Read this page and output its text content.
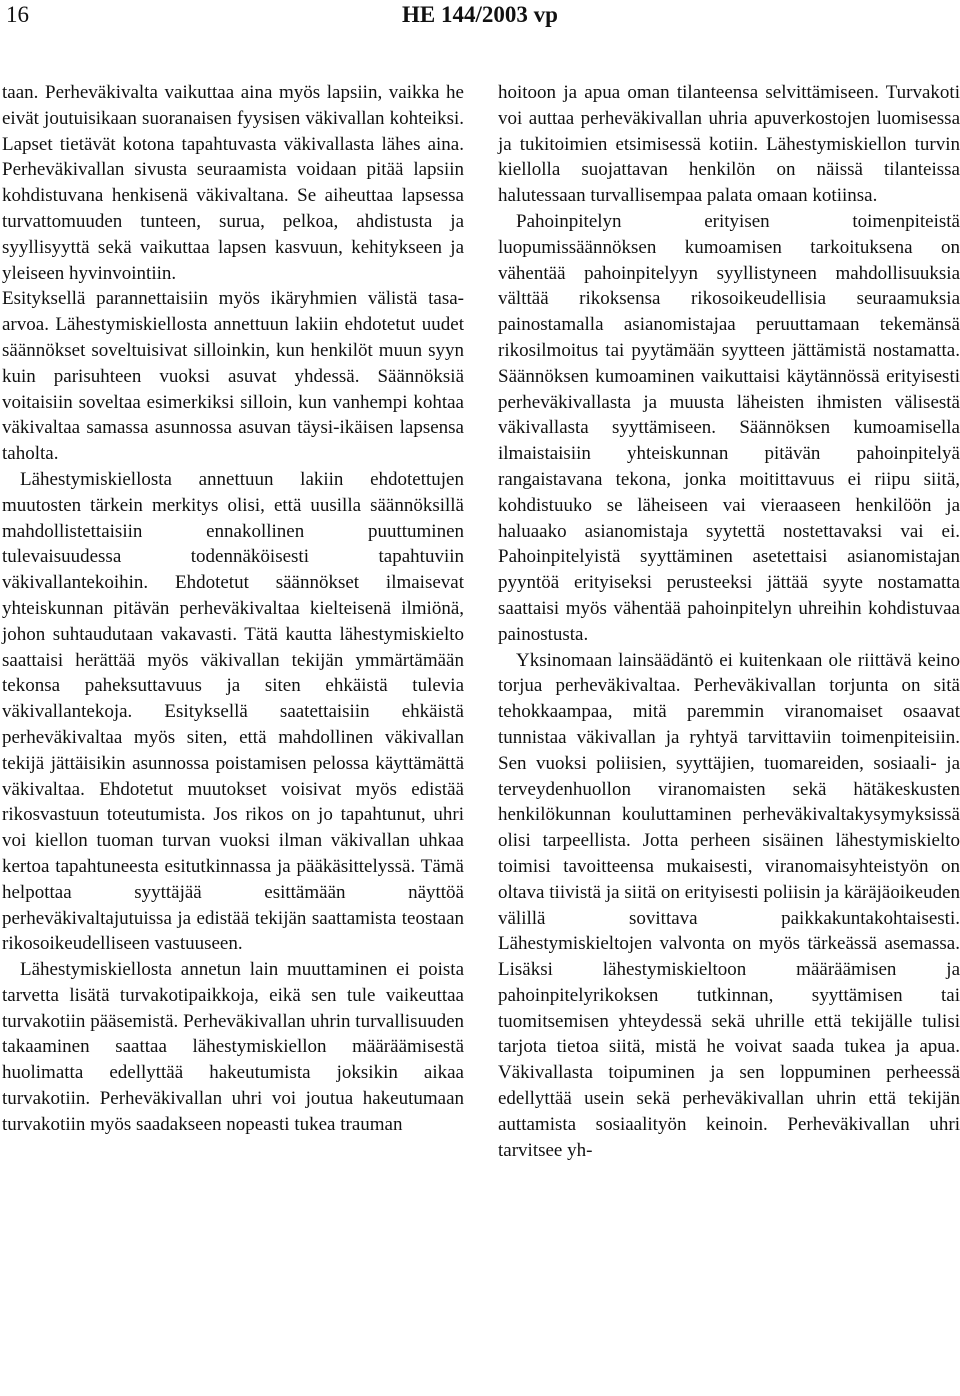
16	HE 144/2003 vp

taan. Perheväkivalta vaikuttaa aina myös lapsiin, vaikka he eivät joutuisikaan suoranaisen fyysisen väkivallan kohteiksi. Lapset tietävät kotona tapahtuvasta väkivallasta lähes aina. Perheväkivallan sivusta seuraamista voidaan pitää lapsiin kohdistuvana henkisenä väkivaltana. Se aiheuttaa lapsessa turvattomuuden tunteen, surua, pelkoa, ahdistusta ja syyllisyyttä sekä vaikuttaa lapsen kasvuun, kehitykseen ja yleiseen hyvinvointiin.

Esityksellä parannettaisiin myös ikäryhmien välistä tasa-arvoa. Lähestymiskiellosta annettuun lakiin ehdotetut uudet säännökset soveltuisivat silloinkin, kun henkilöt muun syyn kuin parisuhteen vuoksi asuvat yhdessä. Säännöksiä voitaisiin soveltaa esimerkiksi silloin, kun vanhempi kohtaa väkivaltaa samassa asunnossa asuvan täysi-ikäisen lapsensa taholta.

Lähestymiskiellosta annettuun lakiin ehdotettujen muutosten tärkein merkitys olisi, että uusilla säännöksillä mahdollistettaisiin ennakollinen puuttuminen tulevaisuudessa todennäköisesti tapahtuviin väkivallantekoihin. Ehdotetut säännökset ilmaisevat yhteiskunnan pitävän perheväkivaltaa kielteisenä ilmiönä, johon suhtaudutaan vakavasti. Tätä kautta lähestymiskielto saattaisi herättää myös väkivallan tekijän ymmärtämään tekonsa paheksuttavuus ja siten ehkäistä tulevia väkivallantekoja. Esityksellä saatettaisiin ehkäistä perheväkivaltaa myös siten, että mahdollinen väkivallan tekijä jättäisikin asunnossa poistamisen pelossa käyttämättä väkivaltaa. Ehdotetut muutokset voisivat myös edistää rikosvastuun toteutumista. Jos rikos on jo tapahtunut, uhri voi kiellon tuoman turvan vuoksi ilman väkivallan uhkaa kertoa tapahtuneesta esitutkinnassa ja pääkäsittelyssä. Tämä helpottaa syyttäjää esittämään näyttöä perheväkivaltajutuissa ja edistää tekijän saattamista teostaan rikosoikeudelliseen vastuuseen.

Lähestymiskiellosta annetun lain muuttaminen ei poista tarvetta lisätä turvakotipaikkoja, eikä sen tule vaikeuttaa turvakotiin pääsemistä. Perheväkivallan uhrin turvallisuuden takaaminen saattaa lähestymiskiellon määräämisestä huolimatta edellyttää hakeutumista joksikin aikaa turvakotiin. Perheväkivallan uhri voi joutua hakeutumaan turvakotiin myös saadakseen nopeasti tukea trauman

hoitoon ja apua oman tilanteensa selvittämiseen. Turvakoti voi auttaa perheväkivallan uhria apuverkostojen luomisessa ja tukitoimien etsimisessä kotiin. Lähestymiskiellon turvin kiellolla suojattavan henkilön on näissä tilanteissa halutessaan turvallisempaa palata omaan kotiinsa.

Pahoinpitelyn erityisen toimenpiteistä luopumissäännöksen kumoamisen tarkoituksena on vähentää pahoinpitelyyn syyllistyneen mahdollisuuksia välttää rikoksensa rikosoikeudellisia seuraamuksia painostamalla asianomistajaa peruuttamaan tekemänsä rikosilmoitus tai pyytämään syytteen jättämistä nostamatta. Säännöksen kumoaminen vaikuttaisi käytännössä erityisesti perheväkivallasta ja muusta läheisten ihmisten välisestä väkivallasta syyttämiseen. Säännöksen kumoamisella ilmaistaisiin yhteiskunnan pitävän pahoinpitelyä rangaistavana tekona, jonka moitittavuus ei riipu siitä, kohdistuuko se läheiseen vai vieraaseen henkilöön ja haluaako asianomistaja syytettä nostettavaksi vai ei. Pahoinpitelyistä syyttäminen asetettaisi asianomistajan pyyntöä erityiseksi perusteeksi jättää syyte nostamatta saattaisi myös vähentää pahoinpitelyn uhreihin kohdistuvaa painostusta.

Yksinomaan lainsäädäntö ei kuitenkaan ole riittävä keino torjua perheväkivaltaa. Perheväkivallan torjunta on sitä tehokkaampaa, mitä paremmin viranomaiset osaavat tunnistaa väkivallan ja ryhtyä tarvittaviin toimenpiteisiin. Sen vuoksi poliisien, syyttäjien, tuomareiden, sosiaali- ja terveydenhuollon viranomaisten sekä hätäkeskusten henkilökunnan kouluttaminen perheväkivaltakysymyksissä olisi tarpeellista. Jotta perheen sisäinen lähestymiskielto toimisi tavoitteensa mukaisesti, viranomaisyhteistyön on oltava tiivistä ja siitä on erityisesti poliisin ja käräjäoikeuden välillä sovittava paikkakuntakohtaisesti. Lähestymiskieltojen valvonta on myös tärkeässä asemassa. Lisäksi lähestymiskieltoon määräämisen ja pahoinpitelyrikoksen tutkinnan, syyttämisen tai tuomitsemisen yhteydessä sekä uhrille että tekijälle tulisi tarjota tietoa siitä, mistä he voivat saada tukea ja apua. Väkivallasta toipuminen ja sen loppuminen perheessä edellyttää usein sekä perheväkivallan uhrin että tekijän auttamista sosiaalityön keinoin. Perheväkivallan uhri tarvitsee yh-
